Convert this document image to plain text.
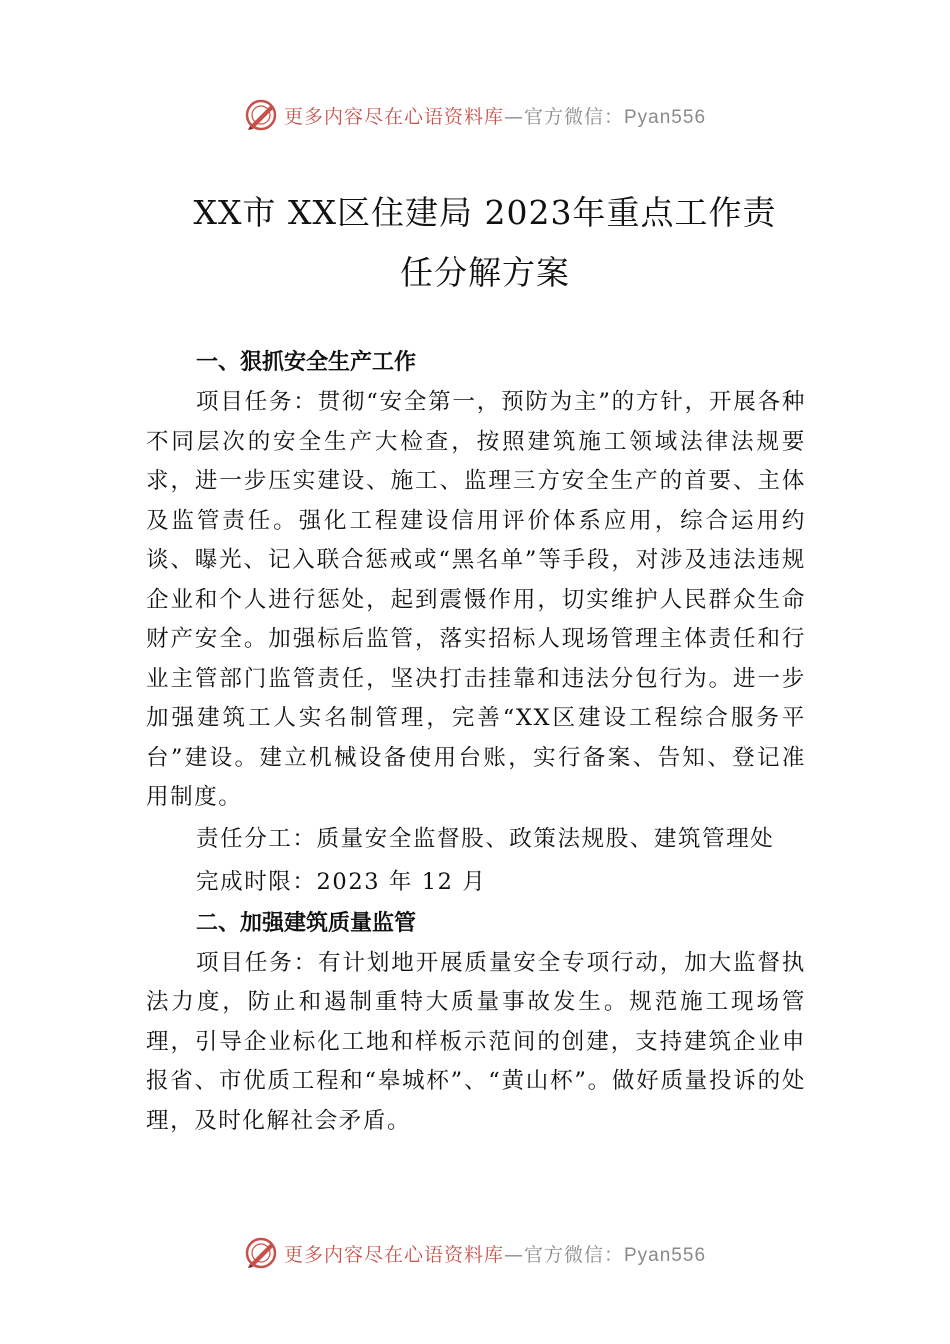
更多内容尽在心语资料库—官方微信：Pyan556
XX市 XX区住建局 2023年重点工作责
任分解方案
一、狠抓安全生产工作

项目任务：贯彻“安全第一，预防为主”的方针，开展各种不同层次的安全生产大检查，按照建筑施工领域法律法规要求，进一步压实建设、施工、监理三方安全生产的首要、主体及监管责任。强化工程建设信用评价体系应用，综合运用约谈、曝光、记入联合惩戒或“黑名单”等手段，对涉及违法违规企业和个人进行惩处，起到震慑作用，切实维护人民群众生命财产安全。加强标后监管，落实招标人现场管理主体责任和行业主管部门监管责任，坚决打击挂靠和违法分包行为。进一步加强建筑工人实名制管理，完善“XX区建设工程综合服务平台”建设。建立机械设备使用台账，实行备案、告知、登记准用制度。

责任分工：质量安全监督股、政策法规股、建筑管理处

完成时限：2023 年 12 月

二、加强建筑质量监管

项目任务：有计划地开展质量安全专项行动，加大监督执法力度，防止和遏制重特大质量事故发生。规范施工现场管理，引导企业标化工地和样板示范间的创建，支持建筑企业申报省、市优质工程和“皋城杯”、“黄山杯”。做好质量投诉的处理，及时化解社会矛盾。

更多内容尽在心语资料库—官方微信：Pyan556
